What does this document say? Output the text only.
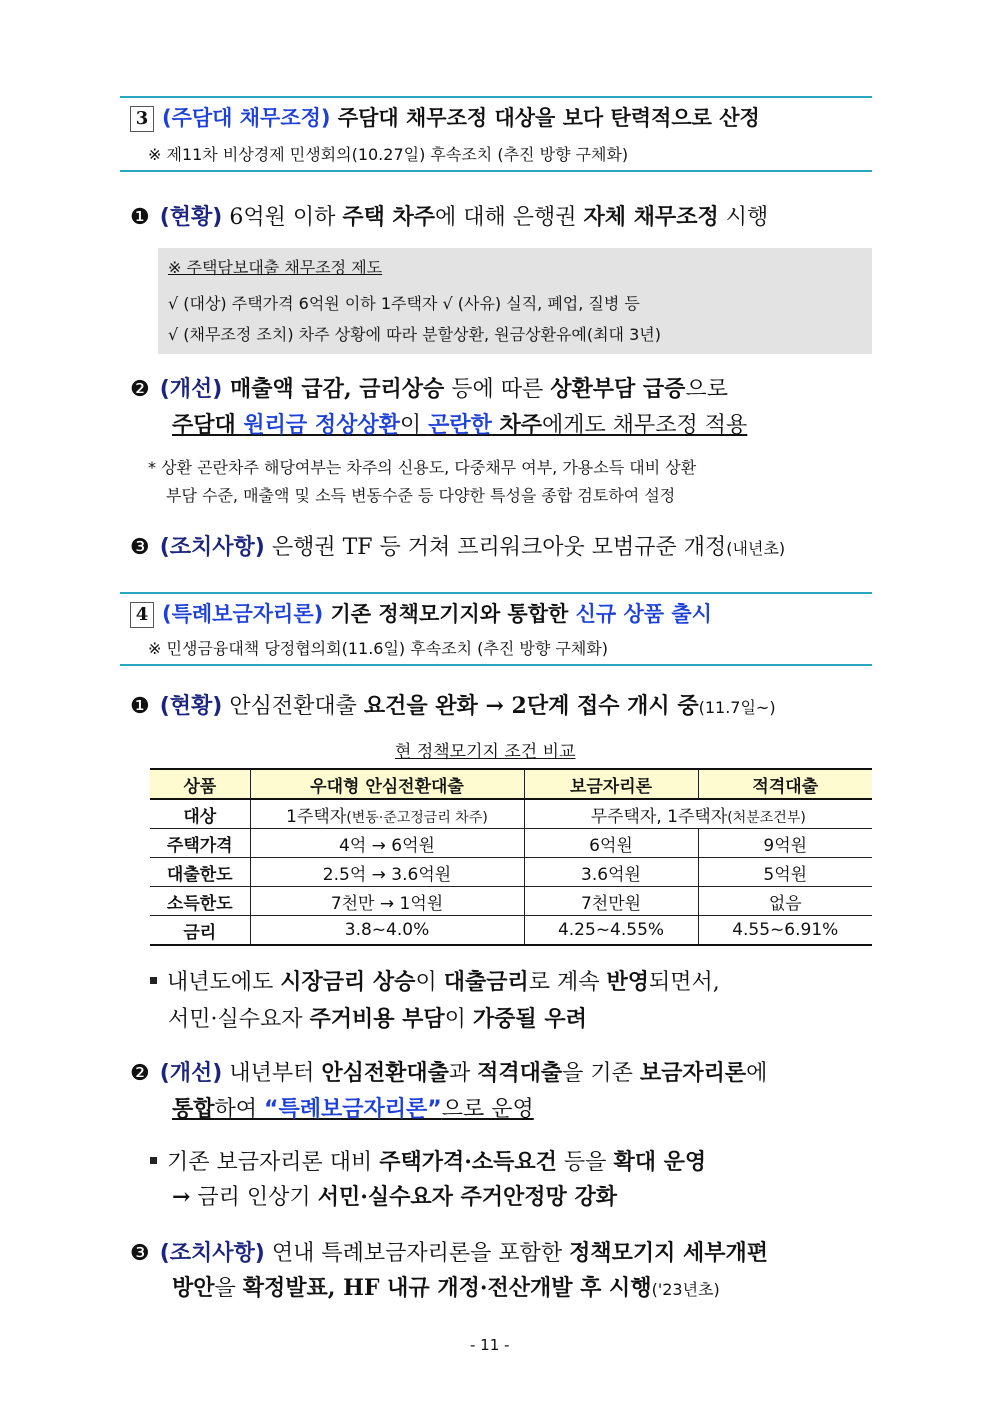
3 (주담대 채무조정) 주담대 채무조정 대상을 보다 탄력적으로 산정
※ 제11차 비상경제 민생회의(10.27일) 후속조치 (추진 방향 구체화)
❶ (현황) 6억원 이하 주택 차주에 대해 은행권 자체 채무조정 시행
※ 주택담보대출 채무조정 제도
√ (대상) 주택가격 6억원 이하 1주택자 √ (사유) 실직, 폐업, 질병 등
√ (채무조정 조치) 차주 상황에 따라 분할상환, 원금상환유예(최대 3년)
❷ (개선) 매출액 급감, 금리상승 등에 따른 상환부담 급증으로
주담대 원리금 정상상환이 곤란한 차주에게도 채무조정 적용
* 상환 곤란차주 해당여부는 차주의 신용도, 다중채무 여부, 가용소득 대비 상환
부담 수준, 매출액 및 소득 변동수준 등 다양한 특성을 종합 검토하여 설정
❸ (조치사항) 은행권 TF 등 거쳐 프리워크아웃 모범규준 개정(내년초)
4 (특례보금자리론) 기존 정책모기지와 통합한 신규 상품 출시
※ 민생금융대책 당정협의회(11.6일) 후속조치 (추진 방향 구체화)
❶ (현황) 안심전환대출 요건을 완화 → 2단계 접수 개시 중(11.7일~)
현 정책모기지 조건 비교
상품	우대형 안심전환대출	보금자리론	적격대출
대상	1주택자(변동·준고정금리 차주)	무주택자, 1주택자(처분조건부)	
주택가격	4억 → 6억원	6억원	9억원
대출한도	2.5억 → 3.6억원	3.6억원	5억원
소득한도	7천만 → 1억원	7천만원	없음
금리	3.8~4.0%	4.25~4.55%	4.55~6.91%
내년도에도 시장금리 상승이 대출금리로 계속 반영되면서,
서민·실수요자 주거비용 부담이 가중될 우려
❷ (개선) 내년부터 안심전환대출과 적격대출을 기존 보금자리론에
통합하여 “특례보금자리론”으로 운영
기존 보금자리론 대비 주택가격·소득요건 등을 확대 운영
→ 금리 인상기 서민·실수요자 주거안정망 강화
❸ (조치사항) 연내 특례보금자리론을 포함한 정책모기지 세부개편
방안을 확정발표, HF 내규 개정·전산개발 후 시행('23년초)
- 11 -
